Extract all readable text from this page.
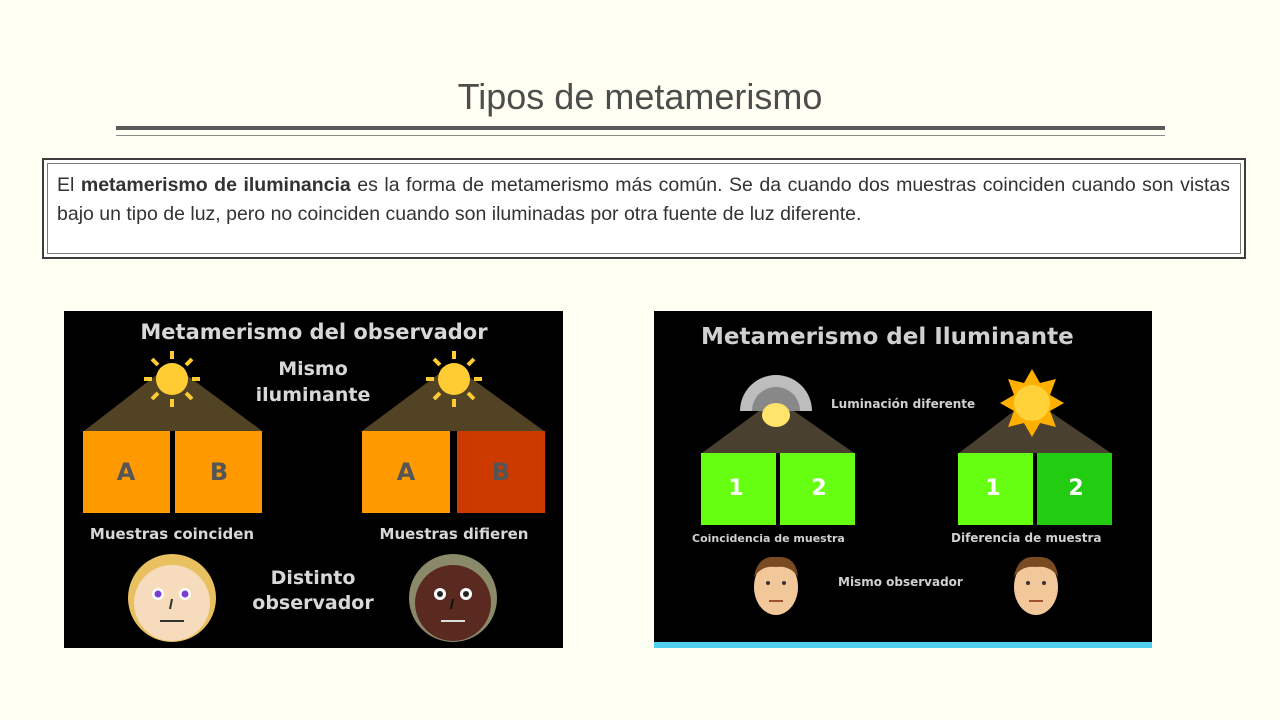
Tipos de metamerismo
El metamerismo de iluminancia es la forma de metamerismo más común. Se da cuando dos muestras coinciden cuando son vistas bajo un tipo de luz, pero no coinciden cuando son iluminadas por otra fuente de luz diferente.
Metamerismo del observador
Mismo
iluminante
A	B	A	B
Muestras coinciden	Muestras difieren
Distinto
observador
Metamerismo del Iluminante
Luminación diferente
1	2	1	2
Coincidencia de muestra	Diferencia de muestra
Mismo observador
